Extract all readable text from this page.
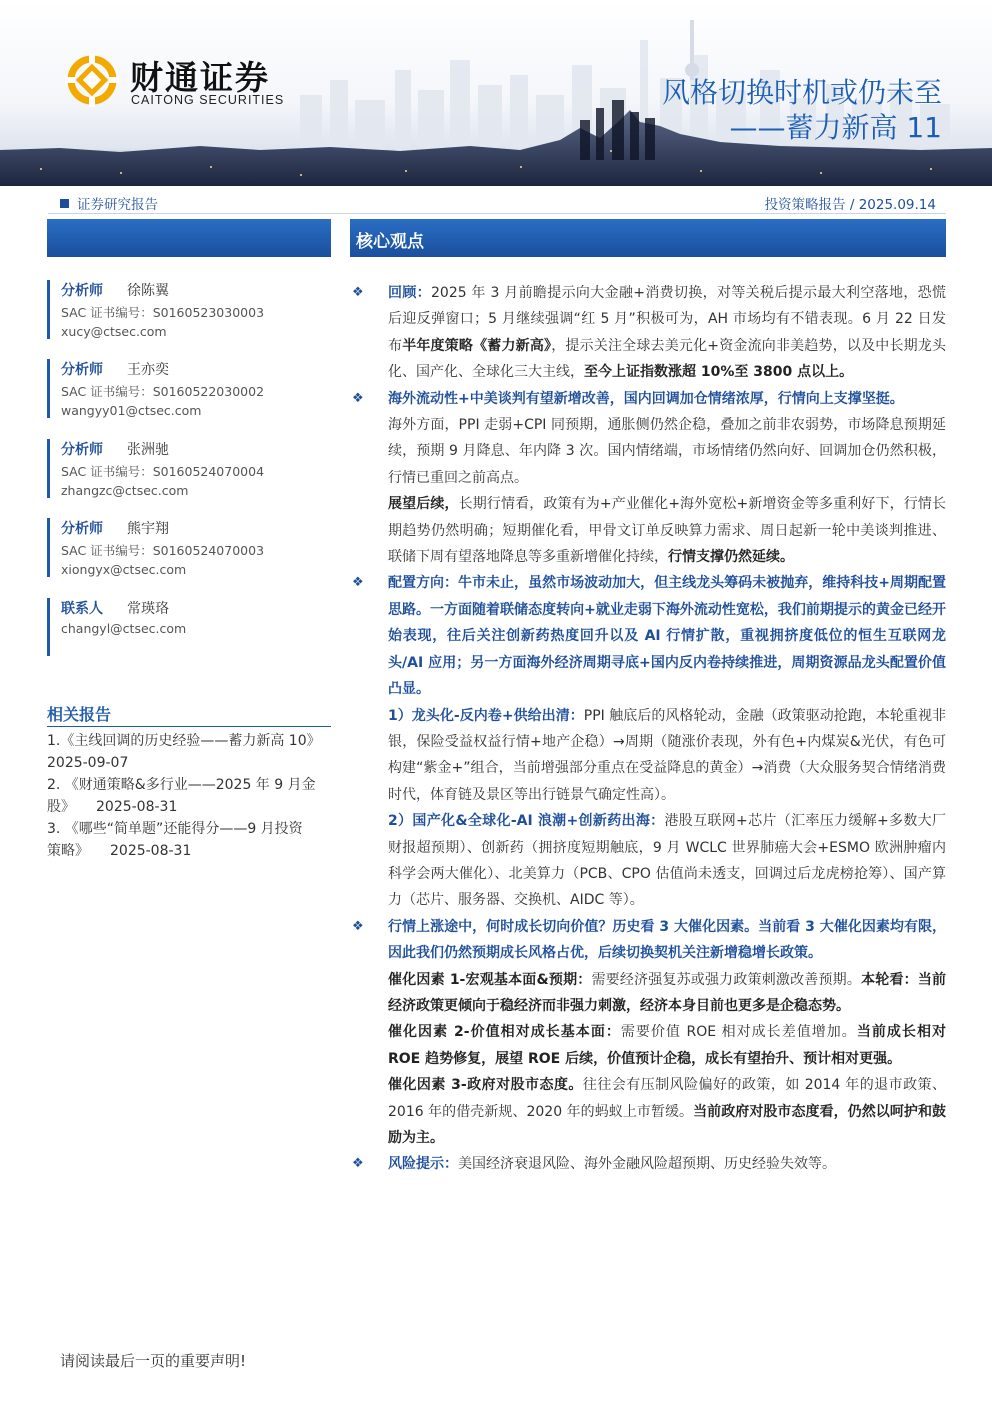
财通证券
CAITONG SECURITIES	风格切换时机或仍未至
——蓄力新高 11
证券研究报告	投资策略报告 / 2025.09.14
分析师 徐陈翼
SAC 证书编号：S0160523030003
xucy@ctsec.com
分析师 王亦奕
SAC 证书编号：S0160522030002
wangyy01@ctsec.com
分析师 张洲驰
SAC 证书编号：S0160524070004
zhangzc@ctsec.com
分析师 熊宇翔
SAC 证书编号：S0160524070003
xiongyx@ctsec.com
联系人 常瑛珞
changyl@ctsec.com
相关报告
1.《主线回调的历史经验——蓄力新高 10》
2025-09-07
2. 《财通策略&多行业——2025 年 9 月金
股》　　2025-08-31
3. 《哪些“简单题”还能得分——9 月投资
策略》　　2025-08-31
核心观点
❖ 回顾：2025 年 3 月前瞻提示向大金融+消费切换，对等关税后提示最大利空落地，恐慌后迎反弹窗口；5 月继续强调“红 5 月”积极可为，AH 市场均有不错表现。6 月 22 日发布半年度策略《蓄力新高》，提示关注全球去美元化+资金流向非美趋势，以及中长期龙头化、国产化、全球化三大主线，至今上证指数涨超 10%至 3800 点以上。
❖ 海外流动性+中美谈判有望新增改善，国内回调加仓情绪浓厚，行情向上支撑坚挺。
海外方面，PPI 走弱+CPI 同预期，通胀侧仍然企稳，叠加之前非农弱势，市场降息预期延续，预期 9 月降息、年内降 3 次。国内情绪端，市场情绪仍然向好、回调加仓仍然积极，行情已重回之前高点。
展望后续，长期行情看，政策有为+产业催化+海外宽松+新增资金等多重利好下，行情长期趋势仍然明确；短期催化看，甲骨文订单反映算力需求、周日起新一轮中美谈判推进、联储下周有望落地降息等多重新增催化持续，行情支撑仍然延续。
❖ 配置方向：牛市未止，虽然市场波动加大，但主线龙头筹码未被抛弃，维持科技+周期配置思路。一方面随着联储态度转向+就业走弱下海外流动性宽松，我们前期提示的黄金已经开始表现，往后关注创新药热度回升以及 AI 行情扩散，重视拥挤度低位的恒生互联网龙头/AI 应用；另一方面海外经济周期寻底+国内反内卷持续推进，周期资源品龙头配置价值凸显。
1）龙头化-反内卷+供给出清：PPI 触底后的风格轮动，金融（政策驱动抢跑，本轮重视非银，保险受益权益行情+地产企稳）→周期（随涨价表现，外有色+内煤炭&光伏，有色可构建“紫金+”组合，当前增强部分重点在受益降息的黄金）→消费（大众服务契合情绪消费时代，体育链及景区等出行链景气确定性高）。
2）国产化&全球化-AI 浪潮+创新药出海：港股互联网+芯片（汇率压力缓解+多数大厂财报超预期）、创新药（拥挤度短期触底，9 月 WCLC 世界肺癌大会+ESMO 欧洲肿瘤内科学会两大催化）、北美算力（PCB、CPO 估值尚未透支，回调过后龙虎榜抢筹）、国产算力（芯片、服务器、交换机、AIDC 等）。
❖ 行情上涨途中，何时成长切向价值？历史看 3 大催化因素。当前看 3 大催化因素均有限，因此我们仍然预期成长风格占优，后续切换契机关注新增稳增长政策。
催化因素 1-宏观基本面&预期：需要经济强复苏或强力政策刺激改善预期。本轮看：当前经济政策更倾向于稳经济而非强力刺激，经济本身目前也更多是企稳态势。
催化因素 2-价值相对成长基本面：需要价值 ROE 相对成长差值增加。当前成长相对 ROE 趋势修复，展望 ROE 后续，价值预计企稳，成长有望抬升、预计相对更强。
催化因素 3-政府对股市态度。往往会有压制风险偏好的政策，如 2014 年的退市政策、2016 年的借壳新规、2020 年的蚂蚁上市暂缓。当前政府对股市态度看，仍然以呵护和鼓励为主。
❖ 风险提示：美国经济衰退风险、海外金融风险超预期、历史经验失效等。
请阅读最后一页的重要声明!
